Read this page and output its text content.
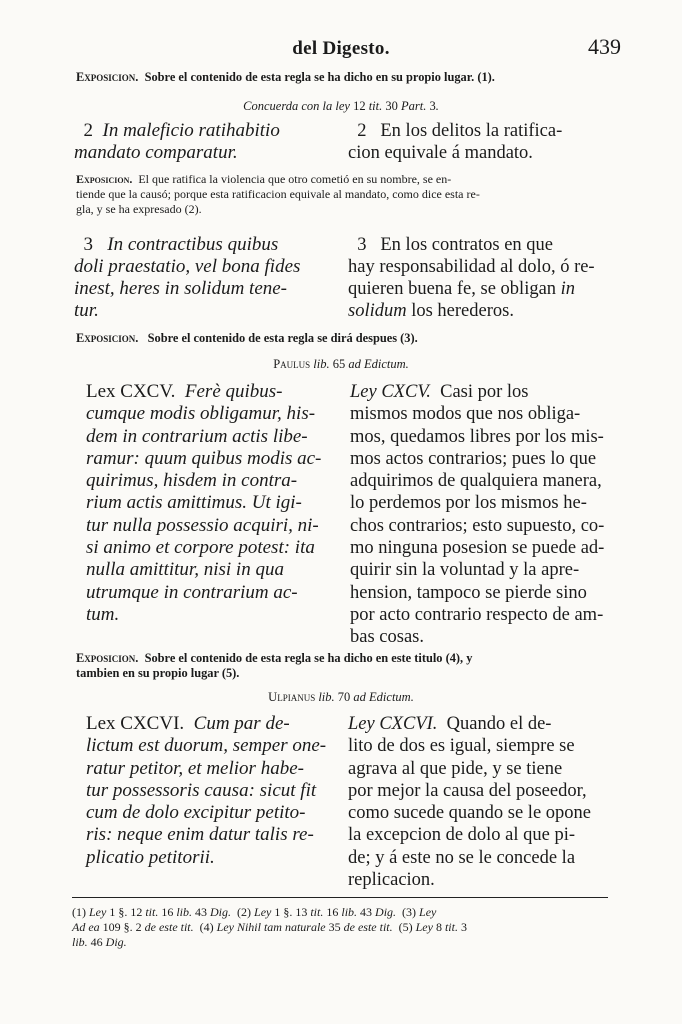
del Digesto.	439
Exposicion.  Sobre el contenido de esta regla se ha dicho en su propio lugar. (1).
Concuerda con la ley 12 tit. 30 Part. 3.
2  In maleficio ratihabitio
mandato comparatur.
2   En los delitos la ratifica-
cion equivale á mandato.
Exposicion.  El que ratifica la violencia que otro cometió en su nombre, se en-
tiende que la causó; porque esta ratificacion equivale al mandato, como dice esta re-
gla, y se ha expresado (2).
3   In contractibus quibus
doli praestatio, vel bona fides
inest, heres in solidum tene-
tur.
3   En los contratos en que
hay responsabilidad al dolo, ó re-
quieren buena fe, se obligan in
solidum los herederos.
Exposicion.   Sobre el contenido de esta regla se dirá despues (3).
Paulus lib. 65 ad Edictum.
Lex CXCV.  Ferè quibus-
cumque modis obligamur, his-
dem in contrarium actis libe-
ramur: quum quibus modis ac-
quirimus, hisdem in contra-
rium actis amittimus. Ut igi-
tur nulla possessio acquiri, ni-
si animo et corpore potest: ita
nulla amittitur, nisi in qua
utrumque in contrarium ac-
tum.
Ley CXCV.  Casi por los
mismos modos que nos obliga-
mos, quedamos libres por los mis-
mos actos contrarios; pues lo que
adquirimos de qualquiera manera,
lo perdemos por los mismos he-
chos contrarios; esto supuesto, co-
mo ninguna posesion se puede ad-
quirir sin la voluntad y la apre-
hension, tampoco se pierde sino
por acto contrario respecto de am-
bas cosas.
Exposicion.  Sobre el contenido de esta regla se ha dicho en este titulo (4), y
tambien en su propio lugar (5).
Ulpianus lib. 70 ad Edictum.
Lex CXCVI.  Cum par de-
lictum est duorum, semper one-
ratur petitor, et melior habe-
tur possessoris causa: sicut fit
cum de dolo excipitur petito-
ris: neque enim datur talis re-
plicatio petitorii.
Ley CXCVI.  Quando el de-
lito de dos es igual, siempre se
agrava al que pide, y se tiene
por mejor la causa del poseedor,
como sucede quando se le opone
la excepcion de dolo al que pi-
de; y á este no se le concede la
replicacion.
(1) Ley 1 §. 12 tit. 16 lib. 43 Dig.  (2) Ley 1 §. 13 tit. 16 lib. 43 Dig.  (3) Ley
Ad ea 109 §. 2 de este tit.  (4) Ley Nihil tam naturale 35 de este tit.  (5) Ley 8 tit. 3
lib. 46 Dig.
